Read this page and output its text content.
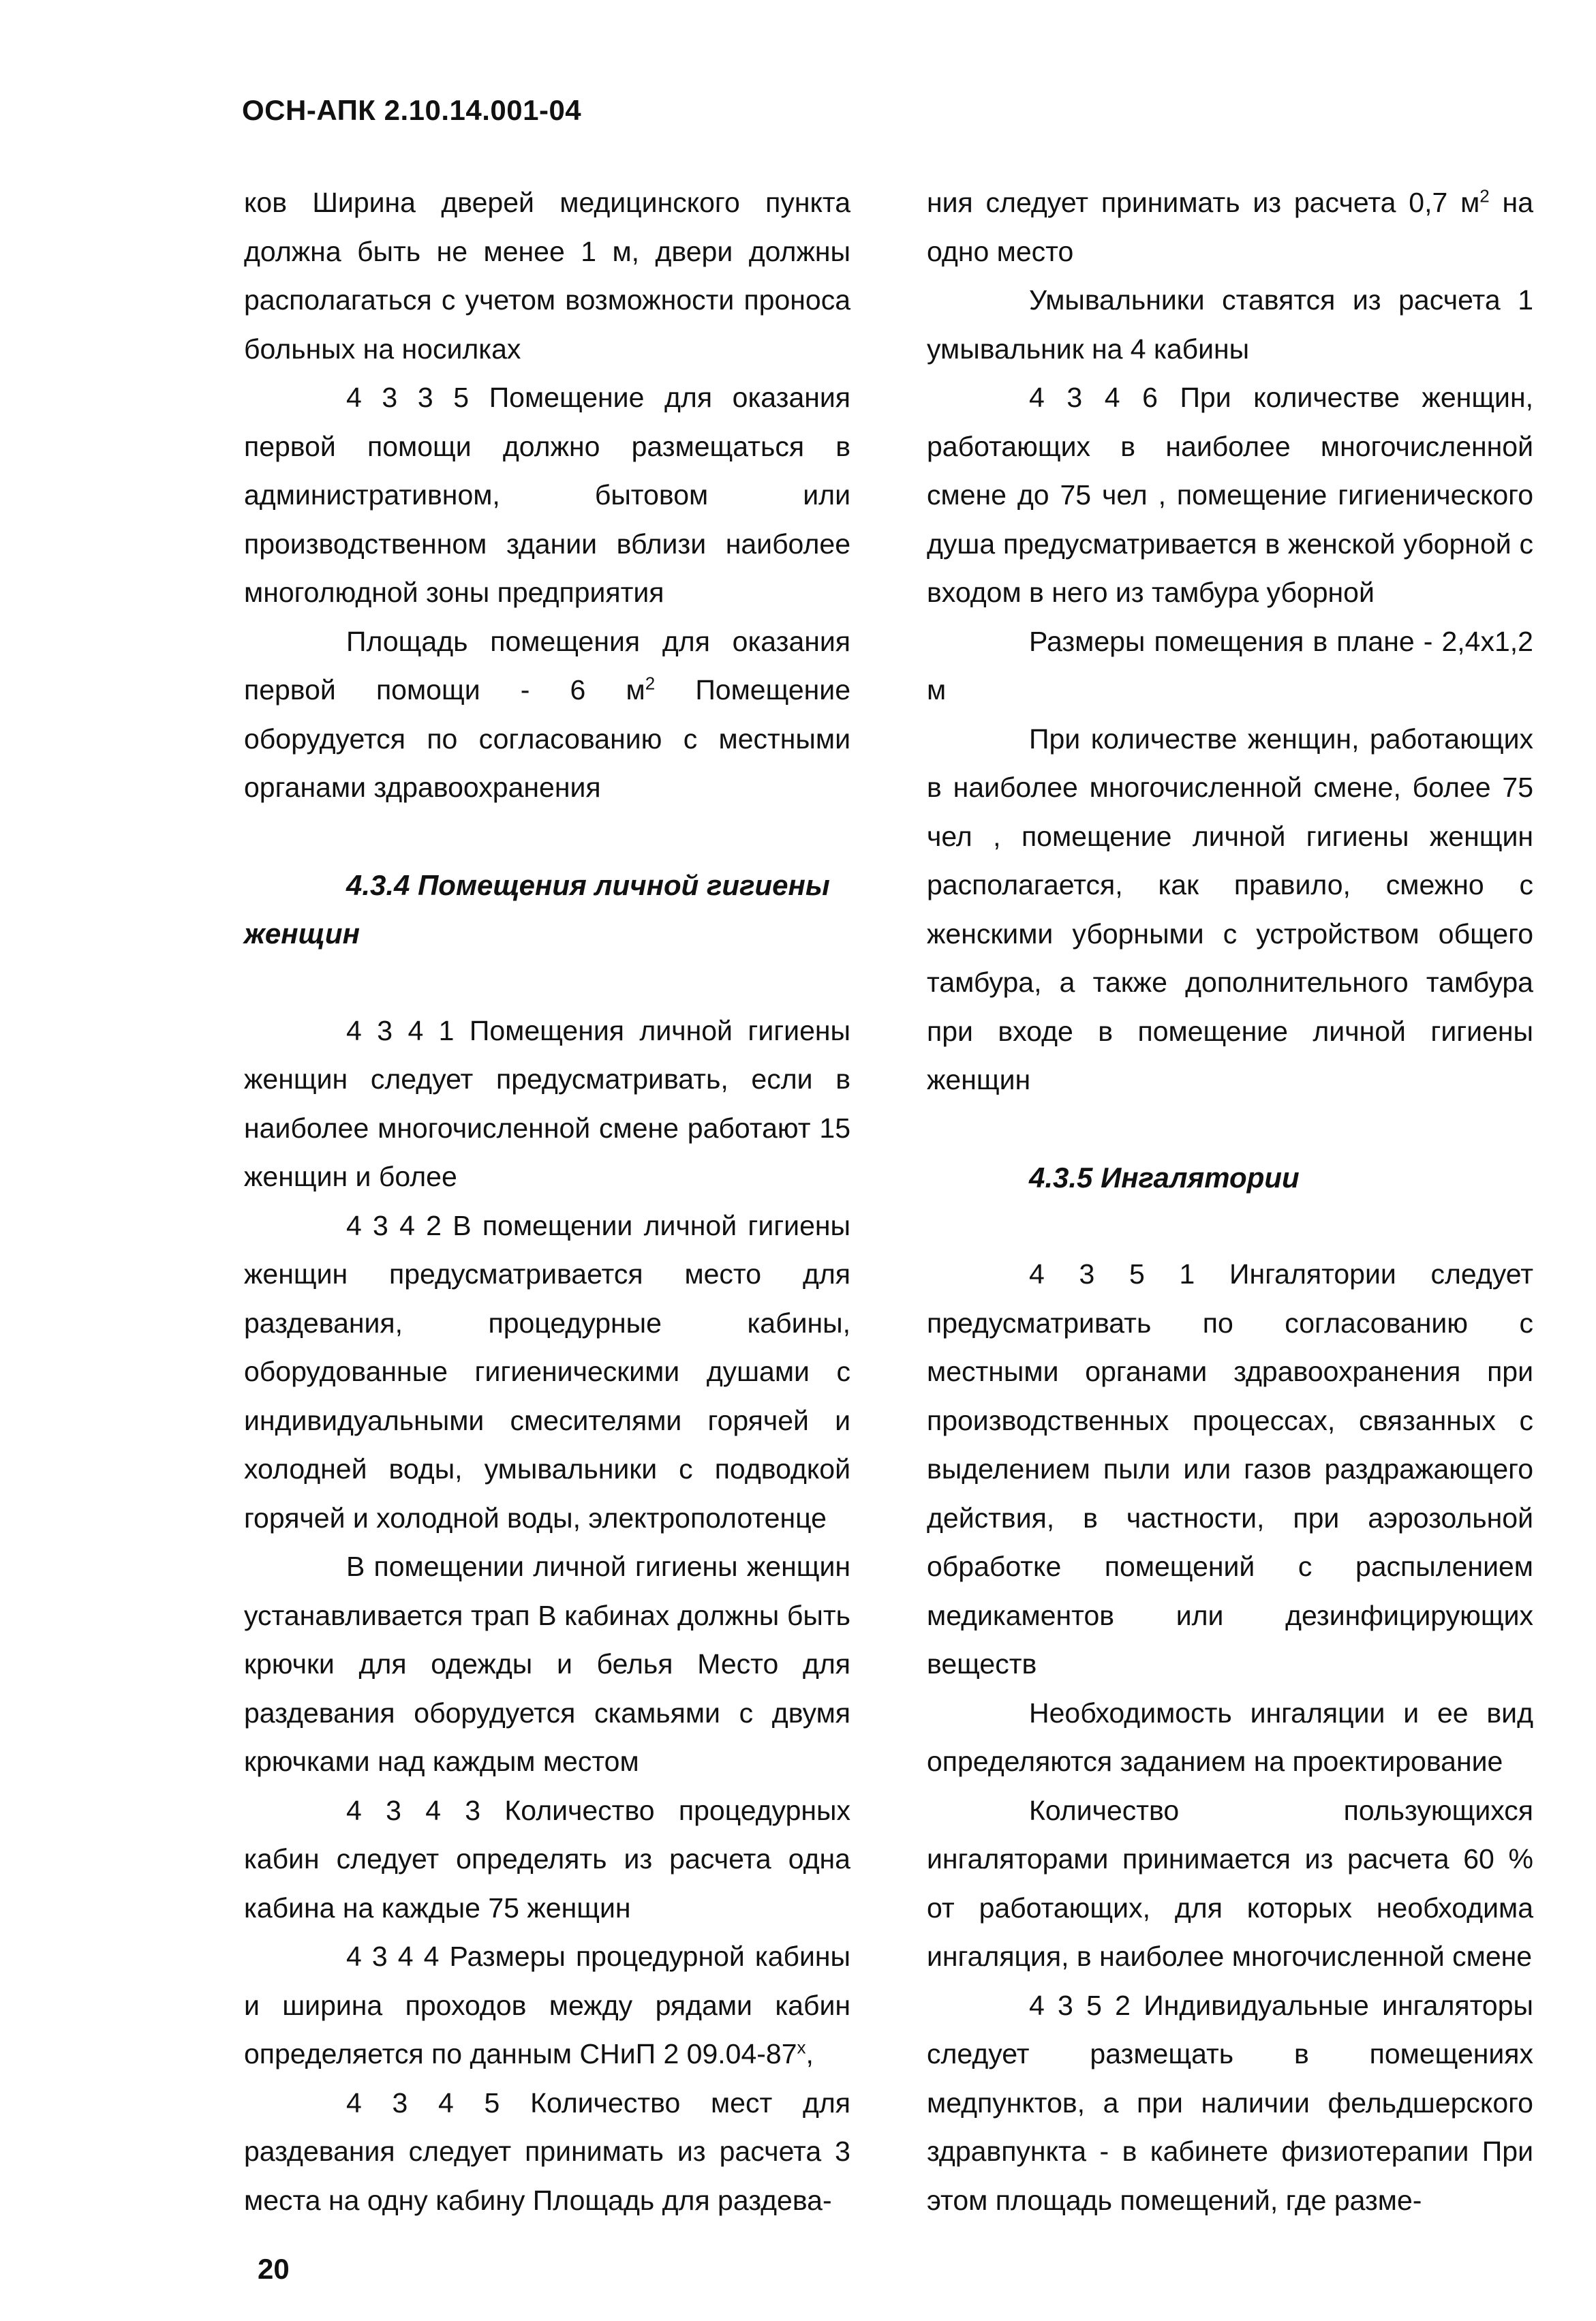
ОСН-АПК 2.10.14.001-04

ков Ширина дверей медицинского пункта должна быть не менее 1 м, двери должны располагаться с учетом возможности проноса больных на носилках

4 3 3 5 Помещение для оказания первой помощи должно размещаться в административном, бытовом или производственном здании вблизи наиболее многолюдной зоны предприятия

Площадь помещения для оказания первой помощи - 6 $м^2$ Помещение оборудуется по согласованию с местными органами здравоохранения

4.3.4 Помещения личной гигиены женщин

4 3 4 1 Помещения личной гигиены женщин следует предусматривать, если в наиболее многочисленной смене работают 15 женщин и более

4 3 4 2 В помещении личной гигиены женщин предусматривается место для раздевания, процедурные кабины, оборудованные гигиеническими душами с индивидуальными смесителями горячей и холодней воды, умывальники с подводкой горячей и холодной воды, электрополотенце

В помещении личной гигиены женщин устанавливается трап В кабинах должны быть крючки для одежды и белья Место для раздевания оборудуется скамьями с двумя крючками над каждым местом

4 3 4 3 Количество процедурных кабин следует определять из расчета одна кабина на каждые 75 женщин

4 3 4 4 Размеры процедурной кабины и ширина проходов между рядами кабин определяется по данным СНиП 2 $09.04-87^х$,

4 3 4 5 Количество мест для раздевания следует принимать из расчета 3 места на одну кабину Площадь для раздева-

ния следует принимать из расчета 0,7 $м^2$ на одно место

Умывальники ставятся из расчета 1 умывальник на 4 кабины

4 3 4 6 При количестве женщин, работающих в наиболее многочисленной смене до 75 чел , помещение гигиенического душа предусматривается в женской уборной с входом в него из тамбура уборной

Размеры помещения в плане - 2,4х1,2 м

При количестве женщин, работающих в наиболее многочисленной смене, более 75 чел , помещение личной гигиены женщин располагается, как правило, смежно с женскими уборными с устройством общего тамбура, а также дополнительного тамбура при входе в помещение личной гигиены женщин

4.3.5 Ингалятории

4 3 5 1 Ингалятории следует предусматривать по согласованию с местными органами здравоохранения при производственных процессах, связанных с выделением пыли или газов раздражающего действия, в частности, при аэрозольной обработке помещений с распылением медикаментов или дезинфицирующих веществ

Необходимость ингаляции и ее вид определяются заданием на проектирование

Количество пользующихся ингаляторами принимается из расчета 60 % от работающих, для которых необходима ингаляция, в наиболее многочисленной смене

4 3 5 2 Индивидуальные ингаляторы следует размещать в помещениях медпунктов, а при наличии фельдшерского здравпункта - в кабинете физиотерапии При этом площадь помещений, где разме-

20
